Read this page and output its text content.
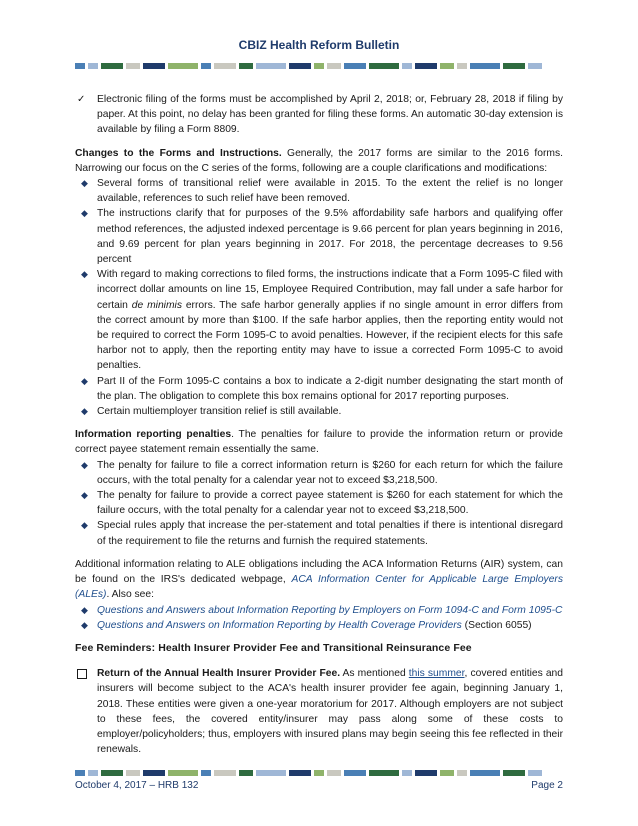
CBIZ Health Reform Bulletin

✓ Electronic filing of the forms must be accomplished by April 2, 2018; or, February 28, 2018 if filing by paper. At this point, no delay has been granted for filing these forms. An automatic 30-day extension is available by filing a Form 8809.

Changes to the Forms and Instructions. Generally, the 2017 forms are similar to the 2016 forms. Narrowing our focus on the C series of the forms, following are a couple clarifications and modifications:

◆ Several forms of transitional relief were available in 2015. To the extent the relief is no longer available, references to such relief have been removed.
◆ The instructions clarify that for purposes of the 9.5% affordability safe harbors and qualifying offer method references, the adjusted indexed percentage is 9.66 percent for plan years beginning in 2016, and 9.69 percent for plan years beginning in 2017. For 2018, the percentage decreases to 9.56 percent
◆ With regard to making corrections to filed forms, the instructions indicate that a Form 1095-C filed with incorrect dollar amounts on line 15, Employee Required Contribution, may fall under a safe harbor for certain de minimis errors. The safe harbor generally applies if no single amount in error differs from the correct amount by more than $100. If the safe harbor applies, then the reporting entity would not be required to correct the Form 1095-C to avoid penalties. However, if the recipient elects for this safe harbor not to apply, then the reporting entity may have to issue a corrected Form 1095-C to avoid penalties.
◆ Part II of the Form 1095-C contains a box to indicate a 2-digit number designating the start month of the plan. The obligation to complete this box remains optional for 2017 reporting purposes.
◆ Certain multiemployer transition relief is still available.

Information reporting penalties. The penalties for failure to provide the information return or provide correct payee statement remain essentially the same.

◆ The penalty for failure to file a correct information return is $260 for each return for which the failure occurs, with the total penalty for a calendar year not to exceed $3,218,500.
◆ The penalty for failure to provide a correct payee statement is $260 for each statement for which the failure occurs, with the total penalty for a calendar year not to exceed $3,218,500.
◆ Special rules apply that increase the per-statement and total penalties if there is intentional disregard of the requirement to file the returns and furnish the required statements.

Additional information relating to ALE obligations including the ACA Information Returns (AIR) system, can be found on the IRS's dedicated webpage, ACA Information Center for Applicable Large Employers (ALEs). Also see:

◆ Questions and Answers about Information Reporting by Employers on Form 1094-C and Form 1095-C
◆ Questions and Answers on Information Reporting by Health Coverage Providers (Section 6055)

Fee Reminders: Health Insurer Provider Fee and Transitional Reinsurance Fee

Return of the Annual Health Insurer Provider Fee. As mentioned this summer, covered entities and insurers will become subject to the ACA's health insurer provider fee again, beginning January 1, 2018. These entities were given a one-year moratorium for 2017. Although employers are not subject to these fees, the covered entity/insurer may pass along some of these costs to employer/policyholders; thus, employers with insured plans may begin seeing this fee reflected in their renewals.

October 4, 2017 – HRB 132	Page 2
